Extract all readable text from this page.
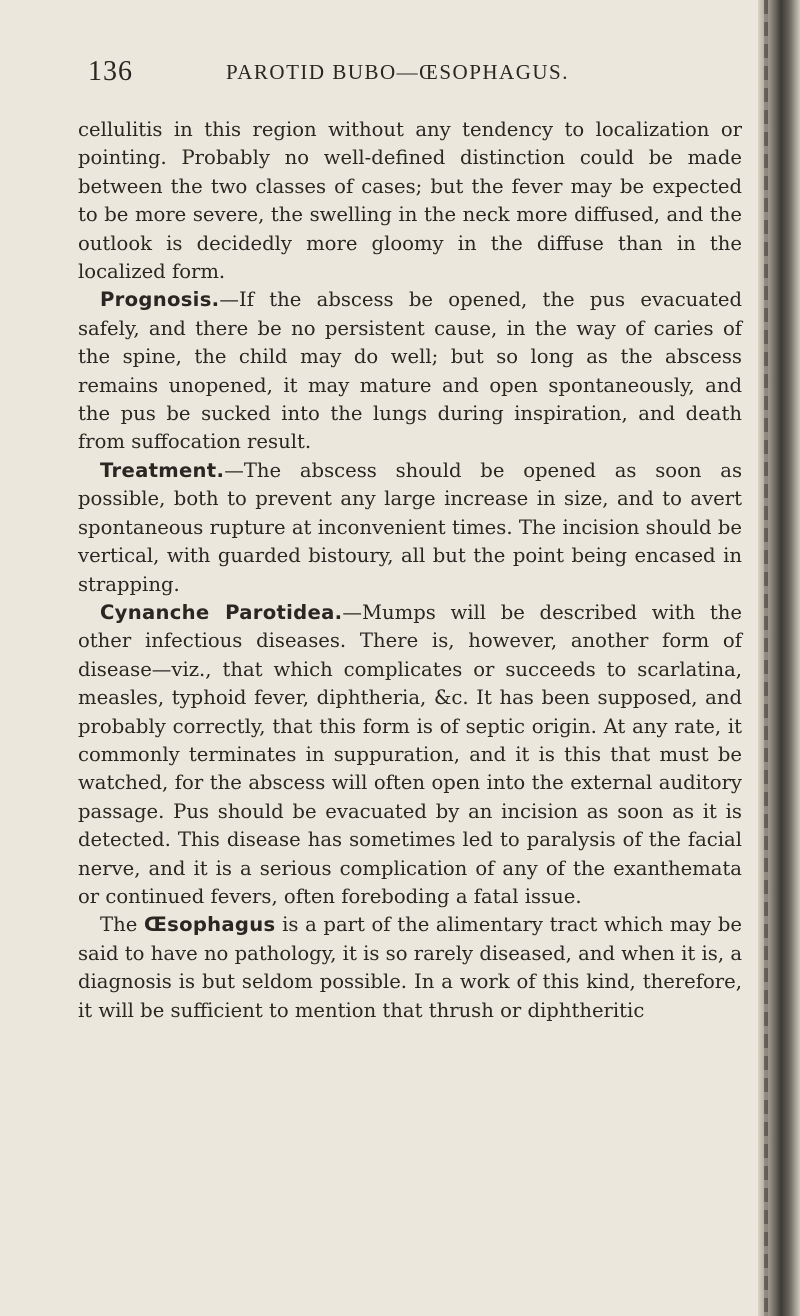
136	PAROTID BUBO—ŒSOPHAGUS.

cellulitis in this region without any tendency to localization or pointing. Probably no well-defined distinction could be made between the two classes of cases; but the fever may be expected to be more severe, the swelling in the neck more diffused, and the outlook is decidedly more gloomy in the diffuse than in the localized form.

Prognosis.—If the abscess be opened, the pus evacuated safely, and there be no persistent cause, in the way of caries of the spine, the child may do well; but so long as the abscess remains unopened, it may mature and open spontaneously, and the pus be sucked into the lungs during inspiration, and death from suffocation result.

Treatment.—The abscess should be opened as soon as possible, both to prevent any large increase in size, and to avert spontaneous rupture at inconvenient times. The incision should be vertical, with guarded bistoury, all but the point being encased in strapping.

Cynanche Parotidea.—Mumps will be described with the other infectious diseases. There is, however, another form of disease—viz., that which complicates or succeeds to scarlatina, measles, typhoid fever, diphtheria, &c. It has been supposed, and probably correctly, that this form is of septic origin. At any rate, it commonly terminates in suppuration, and it is this that must be watched, for the abscess will often open into the external auditory passage. Pus should be evacuated by an incision as soon as it is detected. This disease has sometimes led to paralysis of the facial nerve, and it is a serious complication of any of the exanthemata or continued fevers, often foreboding a fatal issue.

The Œsophagus is a part of the alimentary tract which may be said to have no pathology, it is so rarely diseased, and when it is, a diagnosis is but seldom possible. In a work of this kind, therefore, it will be sufficient to mention that thrush or diphtheritic
